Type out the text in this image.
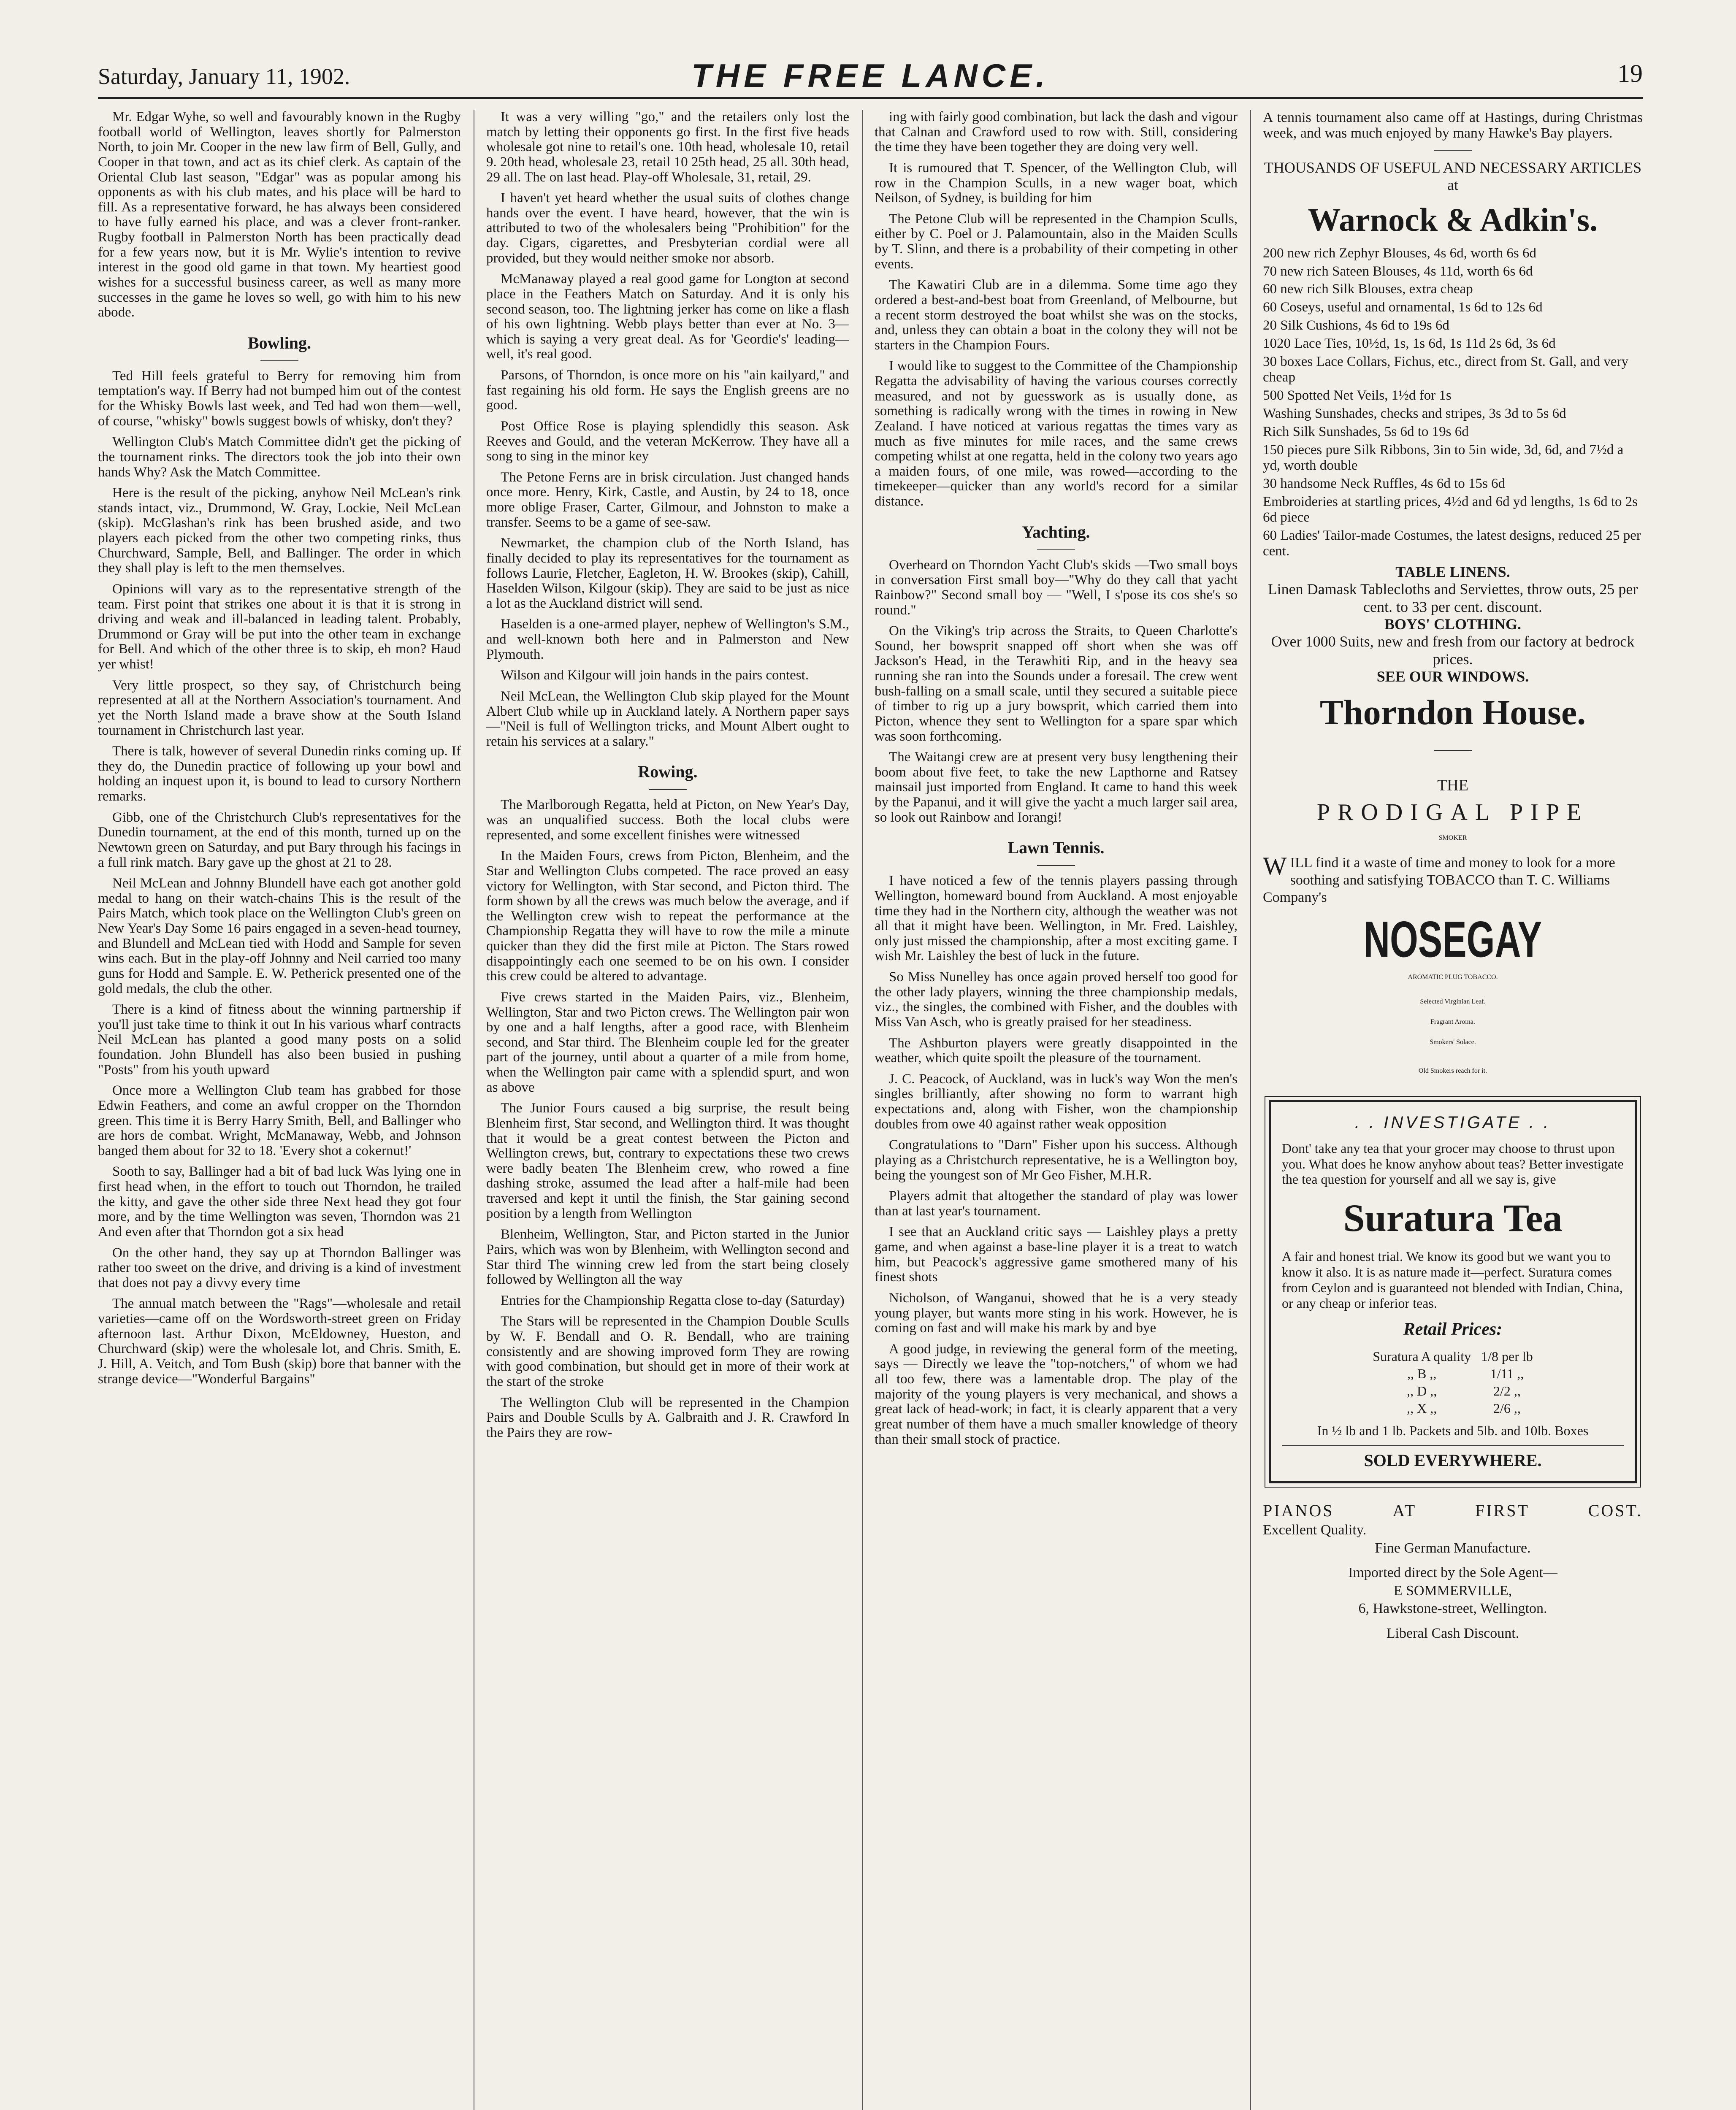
Saturday, January 11, 1902.	THE FREE LANCE.	19

Mr. Edgar Wyhe, so well and favourably known in the Rugby football world of Wellington, leaves shortly for Palmerston North, to join Mr. Cooper in the new law firm of Bell, Gully, and Cooper in that town, and act as its chief clerk. As captain of the Oriental Club last season, "Edgar" was as popular among his opponents as with his club mates, and his place will be hard to fill. As a representative forward, he has always been considered to have fully earned his place, and was a clever front-ranker. Rugby football in Palmerston North has been practically dead for a few years now, but it is Mr. Wylie's intention to revive interest in the good old game in that town. My heartiest good wishes for a successful business career, as well as many more successes in the game he loves so well, go with him to his new abode.

Bowling.

Ted Hill feels grateful to Berry for removing him from temptation's way. If Berry had not bumped him out of the contest for the Whisky Bowls last week, and Ted had won them—well, of course, "whisky" bowls suggest bowls of whisky, don't they?

Wellington Club's Match Committee didn't get the picking of the tournament rinks. The directors took the job into their own hands Why? Ask the Match Committee.

Here is the result of the picking, anyhow Neil McLean's rink stands intact, viz., Drummond, W. Gray, Lockie, Neil McLean (skip). McGlashan's rink has been brushed aside, and two players each picked from the other two competing rinks, thus Churchward, Sample, Bell, and Ballinger. The order in which they shall play is left to the men themselves.

Opinions will vary as to the representative strength of the team. First point that strikes one about it is that it is strong in driving and weak and ill-balanced in leading talent. Probably, Drummond or Gray will be put into the other team in exchange for Bell. And which of the other three is to skip, eh mon? Haud yer whist!

Very little prospect, so they say, of Christchurch being represented at all at the Northern Association's tournament. And yet the North Island made a brave show at the South Island tournament in Christchurch last year.

There is talk, however of several Dunedin rinks coming up. If they do, the Dunedin practice of following up your bowl and holding an inquest upon it, is bound to lead to cursory Northern remarks.

Gibb, one of the Christchurch Club's representatives for the Dunedin tournament, at the end of this month, turned up on the Newtown green on Saturday, and put Bary through his facings in a full rink match. Bary gave up the ghost at 21 to 28.

Neil McLean and Johnny Blundell have each got another gold medal to hang on their watch-chains This is the result of the Pairs Match, which took place on the Wellington Club's green on New Year's Day Some 16 pairs engaged in a seven-head tourney, and Blundell and McLean tied with Hodd and Sample for seven wins each. But in the play-off Johnny and Neil carried too many guns for Hodd and Sample. E. W. Petherick presented one of the gold medals, the club the other.

There is a kind of fitness about the winning partnership if you'll just take time to think it out In his various wharf contracts Neil McLean has planted a good many posts on a solid foundation. John Blundell has also been busied in pushing "Posts" from his youth upward

Once more a Wellington Club team has grabbed for those Edwin Feathers, and come an awful cropper on the Thorndon green. This time it is Berry Harry Smith, Bell, and Ballinger who are hors de combat. Wright, McManaway, Webb, and Johnson banged them about for 32 to 18. 'Every shot a cokernut!'

Sooth to say, Ballinger had a bit of bad luck Was lying one in first head when, in the effort to touch out Thorndon, he trailed the kitty, and gave the other side three Next head they got four more, and by the time Wellington was seven, Thorndon was 21 And even after that Thorndon got a six head

On the other hand, they say up at Thorndon Ballinger was rather too sweet on the drive, and driving is a kind of investment that does not pay a divvy every time

The annual match between the "Rags"—wholesale and retail varieties—came off on the Wordsworth-street green on Friday afternoon last. Arthur Dixon, McEldowney, Hueston, and Churchward (skip) were the wholesale lot, and Chris. Smith, E. J. Hill, A. Veitch, and Tom Bush (skip) bore that banner with the strange device—"Wonderful Bargains"

It was a very willing "go," and the retailers only lost the match by letting their opponents go first. In the first five heads wholesale got nine to retail's one. 10th head, wholesale 10, retail 9. 20th head, wholesale 23, retail 10 25th head, 25 all. 30th head, 29 all. The on last head. Play-off Wholesale, 31, retail, 29.

I haven't yet heard whether the usual suits of clothes change hands over the event. I have heard, however, that the win is attributed to two of the wholesalers being "Prohibition" for the day. Cigars, cigarettes, and Presbyterian cordial were all provided, but they would neither smoke nor absorb.

McManaway played a real good game for Longton at second place in the Feathers Match on Saturday. And it is only his second season, too. The lightning jerker has come on like a flash of his own lightning. Webb plays better than ever at No. 3—which is saying a very great deal. As for 'Geordie's' leading—well, it's real good.

Parsons, of Thorndon, is once more on his "ain kailyard," and fast regaining his old form. He says the English greens are no good.

Post Office Rose is playing splendidly this season. Ask Reeves and Gould, and the veteran McKerrow. They have all a song to sing in the minor key

The Petone Ferns are in brisk circulation. Just changed hands once more. Henry, Kirk, Castle, and Austin, by 24 to 18, once more oblige Fraser, Carter, Gilmour, and Johnston to make a transfer. Seems to be a game of see-saw.

Newmarket, the champion club of the North Island, has finally decided to play its representatives for the tournament as follows Laurie, Fletcher, Eagleton, H. W. Brookes (skip), Cahill, Haselden Wilson, Kilgour (skip). They are said to be just as nice a lot as the Auckland district will send.

Haselden is a one-armed player, nephew of Wellington's S.M., and well-known both here and in Palmerston and New Plymouth.

Wilson and Kilgour will join hands in the pairs contest.

Neil McLean, the Wellington Club skip played for the Mount Albert Club while up in Auckland lately. A Northern paper says —"Neil is full of Wellington tricks, and Mount Albert ought to retain his services at a salary."

Rowing.

The Marlborough Regatta, held at Picton, on New Year's Day, was an unqualified success. Both the local clubs were represented, and some excellent finishes were witnessed

In the Maiden Fours, crews from Picton, Blenheim, and the Star and Wellington Clubs competed. The race proved an easy victory for Wellington, with Star second, and Picton third. The form shown by all the crews was much below the average, and if the Wellington crew wish to repeat the performance at the Championship Regatta they will have to row the mile a minute quicker than they did the first mile at Picton. The Stars rowed disappointingly each one seemed to be on his own. I consider this crew could be altered to advantage.

Five crews started in the Maiden Pairs, viz., Blenheim, Wellington, Star and two Picton crews. The Wellington pair won by one and a half lengths, after a good race, with Blenheim second, and Star third. The Blenheim couple led for the greater part of the journey, until about a quarter of a mile from home, when the Wellington pair came with a splendid spurt, and won as above

The Junior Fours caused a big surprise, the result being Blenheim first, Star second, and Wellington third. It was thought that it would be a great contest between the Picton and Wellington crews, but, contrary to expectations these two crews were badly beaten The Blenheim crew, who rowed a fine dashing stroke, assumed the lead after a half-mile had been traversed and kept it until the finish, the Star gaining second position by a length from Wellington

Blenheim, Wellington, Star, and Picton started in the Junior Pairs, which was won by Blenheim, with Wellington second and Star third The winning crew led from the start being closely followed by Wellington all the way

Entries for the Championship Regatta close to-day (Saturday)

The Stars will be represented in the Champion Double Sculls by W. F. Bendall and O. R. Bendall, who are training consistently and are showing improved form They are rowing with good combination, but should get in more of their work at the start of the stroke

The Wellington Club will be represented in the Champion Pairs and Double Sculls by A. Galbraith and J. R. Crawford In the Pairs they are row-

ing with fairly good combination, but lack the dash and vigour that Calnan and Crawford used to row with. Still, considering the time they have been together they are doing very well.

It is rumoured that T. Spencer, of the Wellington Club, will row in the Champion Sculls, in a new wager boat, which Neilson, of Sydney, is building for him

The Petone Club will be represented in the Champion Sculls, either by C. Poel or J. Palamountain, also in the Maiden Sculls by T. Slinn, and there is a probability of their competing in other events.

The Kawatiri Club are in a dilemma. Some time ago they ordered a best-and-best boat from Greenland, of Melbourne, but a recent storm destroyed the boat whilst she was on the stocks, and, unless they can obtain a boat in the colony they will not be starters in the Champion Fours.

I would like to suggest to the Committee of the Championship Regatta the advisability of having the various courses correctly measured, and not by guesswork as is usually done, as something is radically wrong with the times in rowing in New Zealand. I have noticed at various regattas the times vary as much as five minutes for mile races, and the same crews competing whilst at one regatta, held in the colony two years ago a maiden fours, of one mile, was rowed—according to the timekeeper—quicker than any world's record for a similar distance.

Yachting.

Overheard on Thorndon Yacht Club's skids —Two small boys in conversation First small boy—"Why do they call that yacht Rainbow?" Second small boy — "Well, I s'pose its cos she's so round."

On the Viking's trip across the Straits, to Queen Charlotte's Sound, her bowsprit snapped off short when she was off Jackson's Head, in the Terawhiti Rip, and in the heavy sea running she ran into the Sounds under a foresail. The crew went bush-falling on a small scale, until they secured a suitable piece of timber to rig up a jury bowsprit, which carried them into Picton, whence they sent to Wellington for a spare spar which was soon forthcoming.

The Waitangi crew are at present very busy lengthening their boom about five feet, to take the new Lapthorne and Ratsey mainsail just imported from England. It came to hand this week by the Papanui, and it will give the yacht a much larger sail area, so look out Rainbow and Iorangi!

Lawn Tennis.

I have noticed a few of the tennis players passing through Wellington, homeward bound from Auckland. A most enjoyable time they had in the Northern city, although the weather was not all that it might have been. Wellington, in Mr. Fred. Laishley, only just missed the championship, after a most exciting game. I wish Mr. Laishley the best of luck in the future.

So Miss Nunelley has once again proved herself too good for the other lady players, winning the three championship medals, viz., the singles, the combined with Fisher, and the doubles with Miss Van Asch, who is greatly praised for her steadiness.

The Ashburton players were greatly disappointed in the weather, which quite spoilt the pleasure of the tournament.

J. C. Peacock, of Auckland, was in luck's way Won the men's singles brilliantly, after showing no form to warrant high expectations and, along with Fisher, won the championship doubles from owe 40 against rather weak opposition

Congratulations to "Darn" Fisher upon his success. Although playing as a Christchurch representative, he is a Wellington boy, being the youngest son of Mr Geo Fisher, M.H.R.

Players admit that altogether the standard of play was lower than at last year's tournament.

I see that an Auckland critic says — Laishley plays a pretty game, and when against a base-line player it is a treat to watch him, but Peacock's aggressive game smothered many of his finest shots

Nicholson, of Wanganui, showed that he is a very steady young player, but wants more sting in his work. However, he is coming on fast and will make his mark by and bye

A good judge, in reviewing the general form of the meeting, says — Directly we leave the "top-notchers," of whom we had all too few, there was a lamentable drop. The play of the majority of the young players is very mechanical, and shows a great lack of head-work; in fact, it is clearly apparent that a very great number of them have a much smaller knowledge of theory than their small stock of practice.

A tennis tournament also came off at Hastings, during Christmas week, and was much enjoyed by many Hawke's Bay players.
THOUSANDS OF USEFUL AND NECESSARY ARTICLES
at
Warnock & Adkin's.
200 new rich Zephyr Blouses, 4s 6d, worth 6s 6d
70 new rich Sateen Blouses, 4s 11d, worth 6s 6d
60 new rich Silk Blouses, extra cheap
60 Coseys, useful and ornamental, 1s 6d to 12s 6d
20 Silk Cushions, 4s 6d to 19s 6d
1020 Lace Ties, 10½d, 1s, 1s 6d, 1s 11d 2s 6d, 3s 6d
30 boxes Lace Collars, Fichus, etc., direct from St. Gall, and very cheap
500 Spotted Net Veils, 1½d for 1s
Washing Sunshades, checks and stripes, 3s 3d to 5s 6d
Rich Silk Sunshades, 5s 6d to 19s 6d
150 pieces pure Silk Ribbons, 3in to 5in wide, 3d, 6d, and 7½d a yd, worth double
30 handsome Neck Ruffles, 4s 6d to 15s 6d
Embroideries at startling prices, 4½d and 6d yd lengths, 1s 6d to 2s 6d piece
60 Ladies' Tailor-made Costumes, the latest designs, reduced 25 per cent.
TABLE LINENS.
Linen Damask Tablecloths and Serviettes, throw outs, 25 per cent. to 33 per cent. discount.
BOYS' CLOTHING.
Over 1000 Suits, new and fresh from our factory at bedrock prices.
SEE OUR WINDOWS.
Thorndon House.
THE
PRODIGAL PIPE
SMOKER
WILL find it a waste of time and money to look for a more soothing and satisfying TOBACCO than T. C. Williams Company's
NOSEGAY
AROMATIC PLUG TOBACCO.
Selected Virginian Leaf.
Fragrant Aroma.
Smokers' Solace.
Old Smokers reach for it.
. . INVESTIGATE . .
Dont' take any tea that your grocer may choose to thrust upon you. What does he know anyhow about teas? Better investigate the tea question for yourself and all we say is, give
Suratura Tea
A fair and honest trial. We know its good but we want you to know it also. It is as nature made it—perfect. Suratura comes from Ceylon and is guaranteed not blended with Indian, China, or any cheap or inferior teas.
Retail Prices:
Suratura A quality	1/8 per lb
,, B ,,	1/11 ,,
,, D ,,	2/2 ,,
,, X ,,	2/6 ,,
In ½ lb and 1 lb. Packets and 5lb. and 10lb. Boxes
SOLD EVERYWHERE.
PIANOS	AT	FIRST	COST.
Excellent Quality.
Fine German Manufacture.
Imported direct by the Sole Agent—
E SOMMERVILLE,
6, Hawkstone-street, Wellington.
Liberal Cash Discount.
